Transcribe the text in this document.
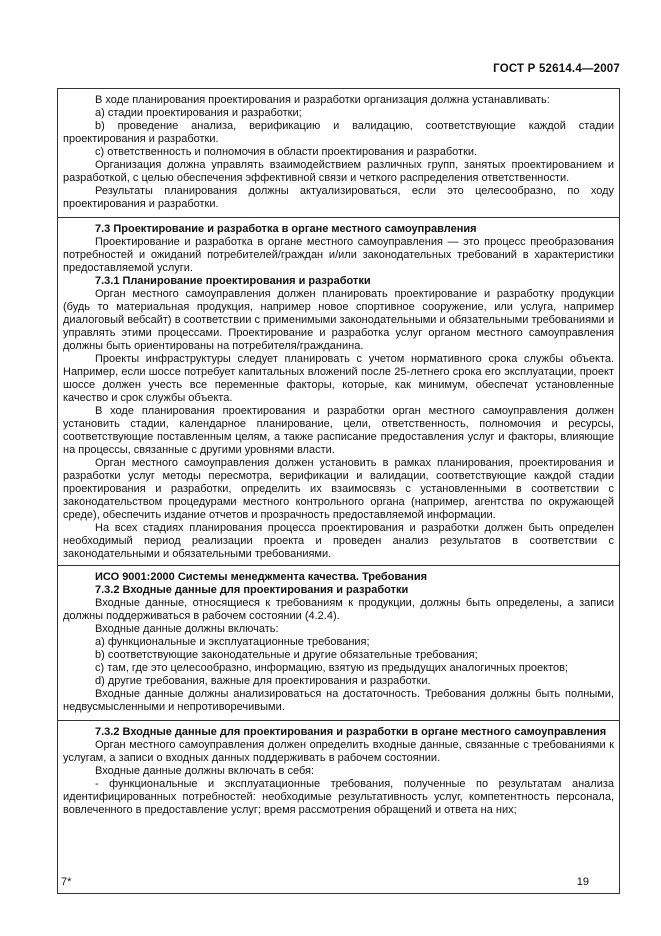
ГОСТ Р 52614.4—2007

В ходе планирования проектирования и разработки организация должна устанавливать:

a) стадии проектирования и разработки;

b) проведение анализа, верификацию и валидацию, соответствующие каждой стадии проектирования и разработки.

c) ответственность и полномочия в области проектирования и разработки.

Организация должна управлять взаимодействием различных групп, занятых проектированием и разработкой, с целью обеспечения эффективной связи и четкого распределения ответственности.

Результаты планирования должны актуализироваться, если это целесообразно, по ходу проектирования и разработки.

7.3 Проектирование и разработка в органе местного самоуправления

Проектирование и разработка в органе местного самоуправления — это процесс преобразования потребностей и ожиданий потребителей/граждан и/или законодательных требований в характеристики предоставляемой услуги.

7.3.1 Планирование проектирования и разработки

Орган местного самоуправления должен планировать проектирование и разработку продукции (будь то материальная продукция, например новое спортивное сооружение, или услуга, например диалоговый вебсайт) в соответствии с применимыми законодательными и обязательными требованиями и управлять этими процессами. Проектирование и разработка услуг органом местного самоуправления должны быть ориентированы на потребителя/гражданина.

Проекты инфраструктуры следует планировать с учетом нормативного срока службы объекта. Например, если шоссе потребует капитальных вложений после 25-летнего срока его эксплуатации, проект шоссе должен учесть все переменные факторы, которые, как минимум, обеспечат установленные качество и срок службы объекта.

В ходе планирования проектирования и разработки орган местного самоуправления должен установить стадии, календарное планирование, цели, ответственность, полномочия и ресурсы, соответствующие поставленным целям, а также расписание предоставления услуг и факторы, влияющие на процессы, связанные с другими уровнями власти.

Орган местного самоуправления должен установить в рамках планирования, проектирования и разработки услуг методы пересмотра, верификации и валидации, соответствующие каждой стадии проектирования и разработки, определить их взаимосвязь с установленными в соответствии с законодательством процедурами местного контрольного органа (например, агентства по окружающей среде), обеспечить издание отчетов и прозрачность предоставляемой информации.

На всех стадиях планирования процесса проектирования и разработки должен быть определен необходимый период реализации проекта и проведен анализ результатов в соответствии с законодательными и обязательными требованиями.

ИСО 9001:2000 Системы менеджмента качества. Требования

7.3.2 Входные данные для проектирования и разработки

Входные данные, относящиеся к требованиям к продукции, должны быть определены, а записи должны поддерживаться в рабочем состоянии (4.2.4).

Входные данные должны включать:

a) функциональные и эксплуатационные требования;

b) соответствующие законодательные и другие обязательные требования;

c) там, где это целесообразно, информацию, взятую из предыдущих аналогичных проектов;

d) другие требования, важные для проектирования и разработки.

Входные данные должны анализироваться на достаточность. Требования должны быть полными, недвусмысленными и непротиворечивыми.

7.3.2 Входные данные для проектирования и разработки в органе местного самоуправления

Орган местного самоуправления должен определить входные данные, связанные с требованиями к услугам, а записи о входных данных поддерживать в рабочем состоянии.

Входные данные должны включать в себя:

- функциональные и эксплуатационные требования, полученные по результатам анализа идентифицированных потребностей: необходимые результативность услуг, компетентность персонала, вовлеченного в предоставление услуг; время рассмотрения обращений и ответа на них;

7*	19
